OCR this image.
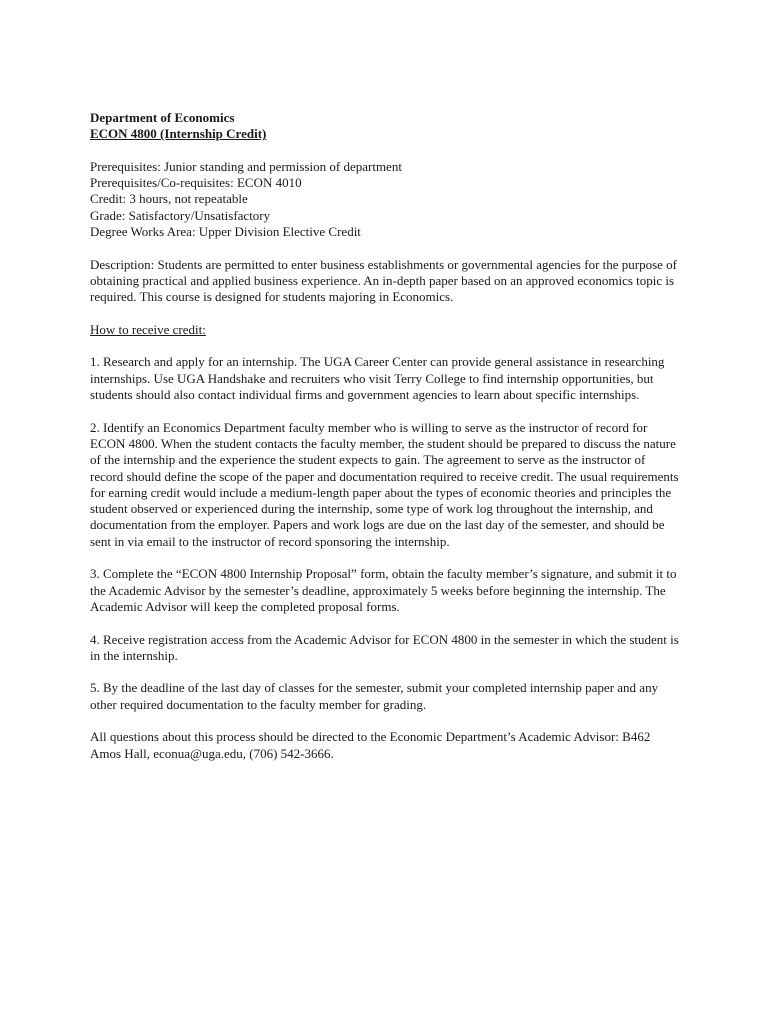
Department of Economics

ECON 4800 (Internship Credit)

Prerequisites: Junior standing and permission of department

Prerequisites/Co-requisites: ECON 4010

Credit: 3 hours, not repeatable

Grade: Satisfactory/Unsatisfactory

Degree Works Area: Upper Division Elective Credit

Description: Students are permitted to enter business establishments or governmental agencies for the purpose of obtaining practical and applied business experience. An in-depth paper based on an approved economics topic is required. This course is designed for students majoring in Economics.

How to receive credit:

1. Research and apply for an internship. The UGA Career Center can provide general assistance in researching internships. Use UGA Handshake and recruiters who visit Terry College to find internship opportunities, but students should also contact individual firms and government agencies to learn about specific internships.

2. Identify an Economics Department faculty member who is willing to serve as the instructor of record for ECON 4800. When the student contacts the faculty member, the student should be prepared to discuss the nature of the internship and the experience the student expects to gain. The agreement to serve as the instructor of record should define the scope of the paper and documentation required to receive credit. The usual requirements for earning credit would include a medium-length paper about the types of economic theories and principles the student observed or experienced during the internship, some type of work log throughout the internship, and documentation from the employer. Papers and work logs are due on the last day of the semester, and should be sent in via email to the instructor of record sponsoring the internship.

3. Complete the “ECON 4800 Internship Proposal” form, obtain the faculty member’s signature, and submit it to the Academic Advisor by the semester’s deadline, approximately 5 weeks before beginning the internship. The Academic Advisor will keep the completed proposal forms.

4. Receive registration access from the Academic Advisor for ECON 4800 in the semester in which the student is in the internship.

5. By the deadline of the last day of classes for the semester, submit your completed internship paper and any other required documentation to the faculty member for grading.

All questions about this process should be directed to the Economic Department’s Academic Advisor: B462 Amos Hall, econua@uga.edu, (706) 542-3666.
